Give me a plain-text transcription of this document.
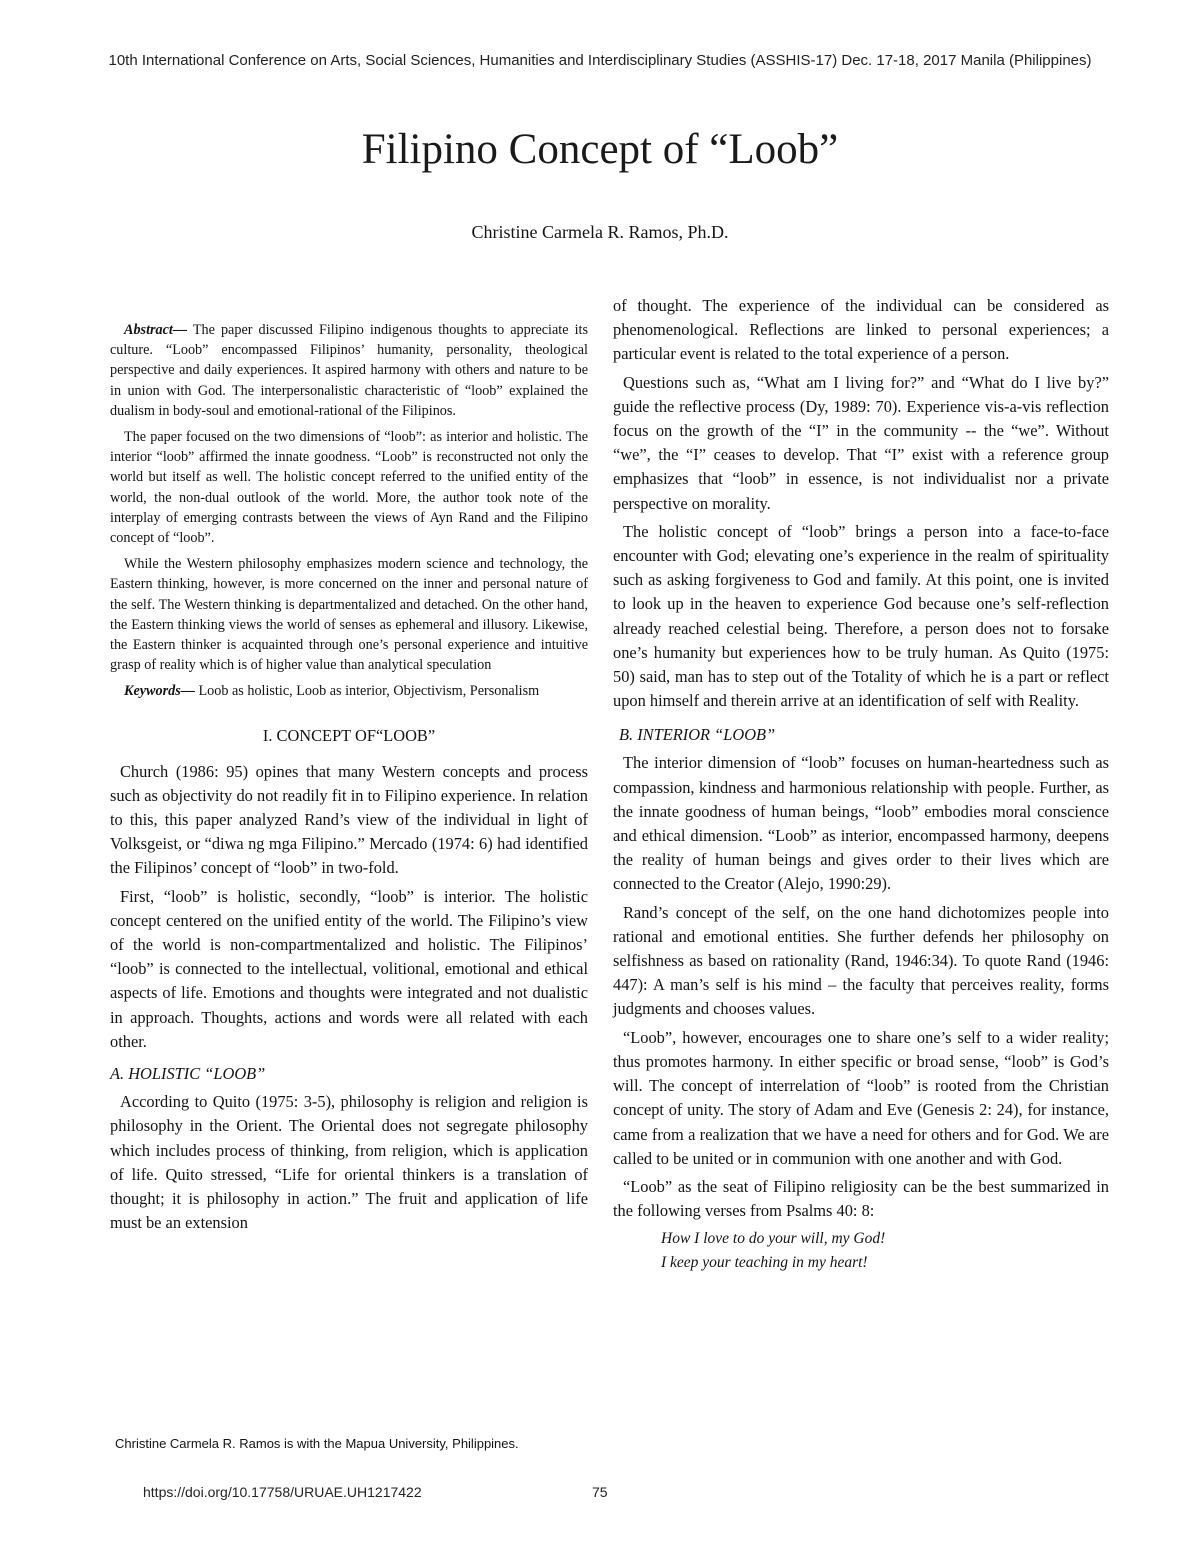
10th International Conference on Arts, Social Sciences, Humanities and Interdisciplinary Studies (ASSHIS-17) Dec. 17-18, 2017 Manila (Philippines)
Filipino Concept of “Loob”
Christine Carmela R. Ramos, Ph.D.

Abstract— The paper discussed Filipino indigenous thoughts to appreciate its culture. “Loob” encompassed Filipinos’ humanity, personality, theological perspective and daily experiences. It aspired harmony with others and nature to be in union with God. The interpersonalistic characteristic of “loob” explained the dualism in body-soul and emotional-rational of the Filipinos.

The paper focused on the two dimensions of “loob”: as interior and holistic. The interior “loob” affirmed the innate goodness. “Loob” is reconstructed not only the world but itself as well. The holistic concept referred to the unified entity of the world, the non-dual outlook of the world. More, the author took note of the interplay of emerging contrasts between the views of Ayn Rand and the Filipino concept of “loob”.

While the Western philosophy emphasizes modern science and technology, the Eastern thinking, however, is more concerned on the inner and personal nature of the self. The Western thinking is departmentalized and detached. On the other hand, the Eastern thinking views the world of senses as ephemeral and illusory. Likewise, the Eastern thinker is acquainted through one’s personal experience and intuitive grasp of reality which is of higher value than analytical speculation

Keywords— Loob as holistic, Loob as interior, Objectivism, Personalism

I. CONCEPT OF“LOOB”

Church (1986: 95) opines that many Western concepts and process such as objectivity do not readily fit in to Filipino experience. In relation to this, this paper analyzed Rand’s view of the individual in light of Volksgeist, or “diwa ng mga Filipino.” Mercado (1974: 6) had identified the Filipinos’ concept of “loob” in two-fold.

First, “loob” is holistic, secondly, “loob” is interior. The holistic concept centered on the unified entity of the world. The Filipino’s view of the world is non-compartmentalized and holistic. The Filipinos’ “loob” is connected to the intellectual, volitional, emotional and ethical aspects of life. Emotions and thoughts were integrated and not dualistic in approach. Thoughts, actions and words were all related with each other.

A. HOLISTIC “LOOB”

According to Quito (1975: 3-5), philosophy is religion and religion is philosophy in the Orient. The Oriental does not segregate philosophy which includes process of thinking, from religion, which is application of life. Quito stressed, “Life for oriental thinkers is a translation of thought; it is philosophy in action.” The fruit and application of life must be an extension

of thought. The experience of the individual can be considered as phenomenological. Reflections are linked to personal experiences; a particular event is related to the total experience of a person.

Questions such as, “What am I living for?” and “What do I live by?” guide the reflective process (Dy, 1989: 70). Experience vis-a-vis reflection focus on the growth of the “I” in the community -- the “we”. Without “we”, the “I” ceases to develop. That “I” exist with a reference group emphasizes that “loob” in essence, is not individualist nor a private perspective on morality.

The holistic concept of “loob” brings a person into a face-to-face encounter with God; elevating one’s experience in the realm of spirituality such as asking forgiveness to God and family. At this point, one is invited to look up in the heaven to experience God because one’s self-reflection already reached celestial being. Therefore, a person does not to forsake one’s humanity but experiences how to be truly human. As Quito (1975: 50) said, man has to step out of the Totality of which he is a part or reflect upon himself and therein arrive at an identification of self with Reality.

B. INTERIOR “LOOB”

The interior dimension of “loob” focuses on human-heartedness such as compassion, kindness and harmonious relationship with people. Further, as the innate goodness of human beings, “loob” embodies moral conscience and ethical dimension. “Loob” as interior, encompassed harmony, deepens the reality of human beings and gives order to their lives which are connected to the Creator (Alejo, 1990:29).

Rand’s concept of the self, on the one hand dichotomizes people into rational and emotional entities. She further defends her philosophy on selfishness as based on rationality (Rand, 1946:34). To quote Rand (1946: 447): A man’s self is his mind – the faculty that perceives reality, forms judgments and chooses values.

“Loob”, however, encourages one to share one’s self to a wider reality; thus promotes harmony. In either specific or broad sense, “loob” is God’s will. The concept of interrelation of “loob” is rooted from the Christian concept of unity. The story of Adam and Eve (Genesis 2: 24), for instance, came from a realization that we have a need for others and for God. We are called to be united or in communion with one another and with God.

“Loob” as the seat of Filipino religiosity can be the best summarized in the following verses from Psalms 40: 8:

How I love to do your will, my God!
I keep your teaching in my heart!
Christine Carmela R. Ramos is with the Mapua University, Philippines.
https://doi.org/10.17758/URUAE.UH1217422	75
